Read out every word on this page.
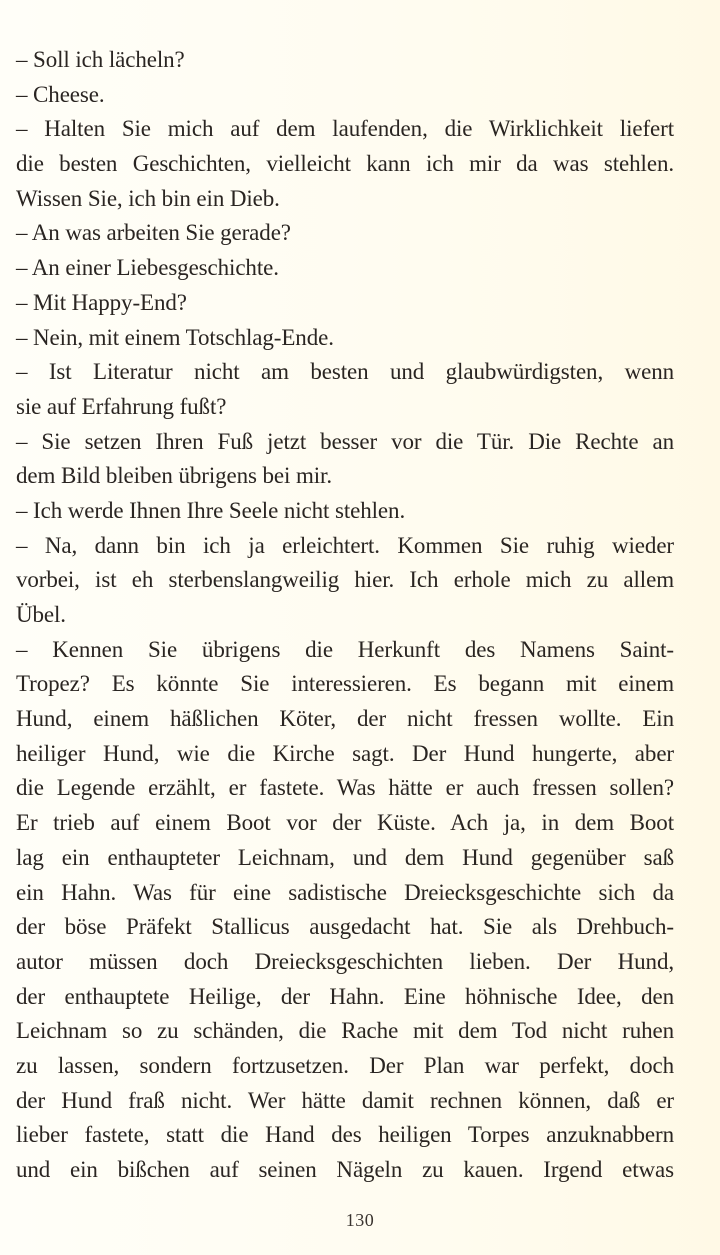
– Soll ich lächeln?
– Cheese.
– Halten Sie mich auf dem laufenden, die Wirklichkeit liefert
die besten Geschichten, vielleicht kann ich mir da was stehlen.
Wissen Sie, ich bin ein Dieb.
– An was arbeiten Sie gerade?
– An einer Liebesgeschichte.
– Mit Happy-End?
– Nein, mit einem Totschlag-Ende.
– Ist Literatur nicht am besten und glaubwürdigsten, wenn
sie auf Erfahrung fußt?
– Sie setzen Ihren Fuß jetzt besser vor die Tür. Die Rechte an
dem Bild bleiben übrigens bei mir.
– Ich werde Ihnen Ihre Seele nicht stehlen.
– Na, dann bin ich ja erleichtert. Kommen Sie ruhig wieder
vorbei, ist eh sterbenslangweilig hier. Ich erhole mich zu allem
Übel.
– Kennen Sie übrigens die Herkunft des Namens Saint-
Tropez? Es könnte Sie interessieren. Es begann mit einem
Hund, einem häßlichen Köter, der nicht fressen wollte. Ein
heiliger Hund, wie die Kirche sagt. Der Hund hungerte, aber
die Legende erzählt, er fastete. Was hätte er auch fressen sollen?
Er trieb auf einem Boot vor der Küste. Ach ja, in dem Boot
lag ein enthaupteter Leichnam, und dem Hund gegenüber saß
ein Hahn. Was für eine sadistische Dreiecksgeschichte sich da
der böse Präfekt Stallicus ausgedacht hat. Sie als Drehbuch-
autor müssen doch Dreiecksgeschichten lieben. Der Hund,
der enthauptete Heilige, der Hahn. Eine höhnische Idee, den
Leichnam so zu schänden, die Rache mit dem Tod nicht ruhen
zu lassen, sondern fortzusetzen. Der Plan war perfekt, doch
der Hund fraß nicht. Wer hätte damit rechnen können, daß er
lieber fastete, statt die Hand des heiligen Torpes anzuknabbern
und ein bißchen auf seinen Nägeln zu kauen. Irgend etwas
130
